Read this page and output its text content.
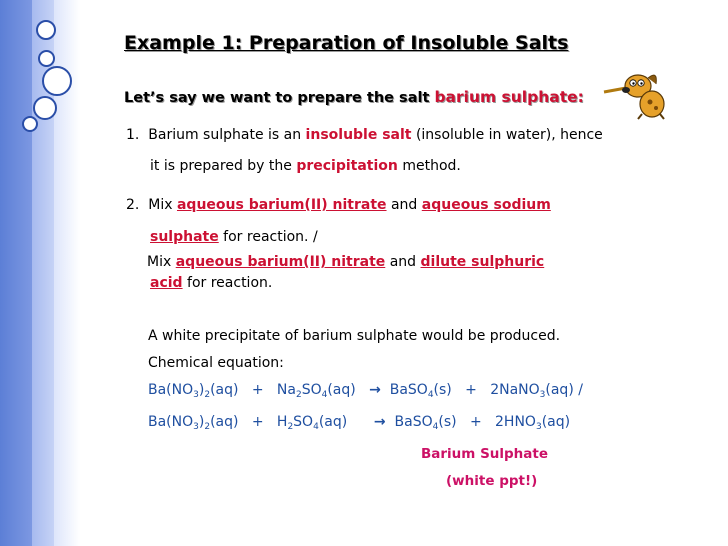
Example 1: Preparation of Insoluble Salts
Let’s say we want to prepare the salt barium sulphate:
1. Barium sulphate is an insoluble salt (insoluble in water), hence
it is prepared by the precipitation method.
2. Mix aqueous barium(II) nitrate and aqueous sodium
sulphate for reaction. /
Mix aqueous barium(II) nitrate and dilute sulphuric
acid for reaction.
A white precipitate of barium sulphate would be produced.
Chemical equation:
$Ba(NO_3)_2(aq) + Na_2SO_4(aq)$ → BaSO$_4$(s)   +   2NaNO$_3$(aq) /
$Ba(NO_3)_2(aq) + H_2SO_4(aq)$ → BaSO$_4$(s)   +   $2HNO_3(aq)$
Barium Sulphate
(white ppt!)
